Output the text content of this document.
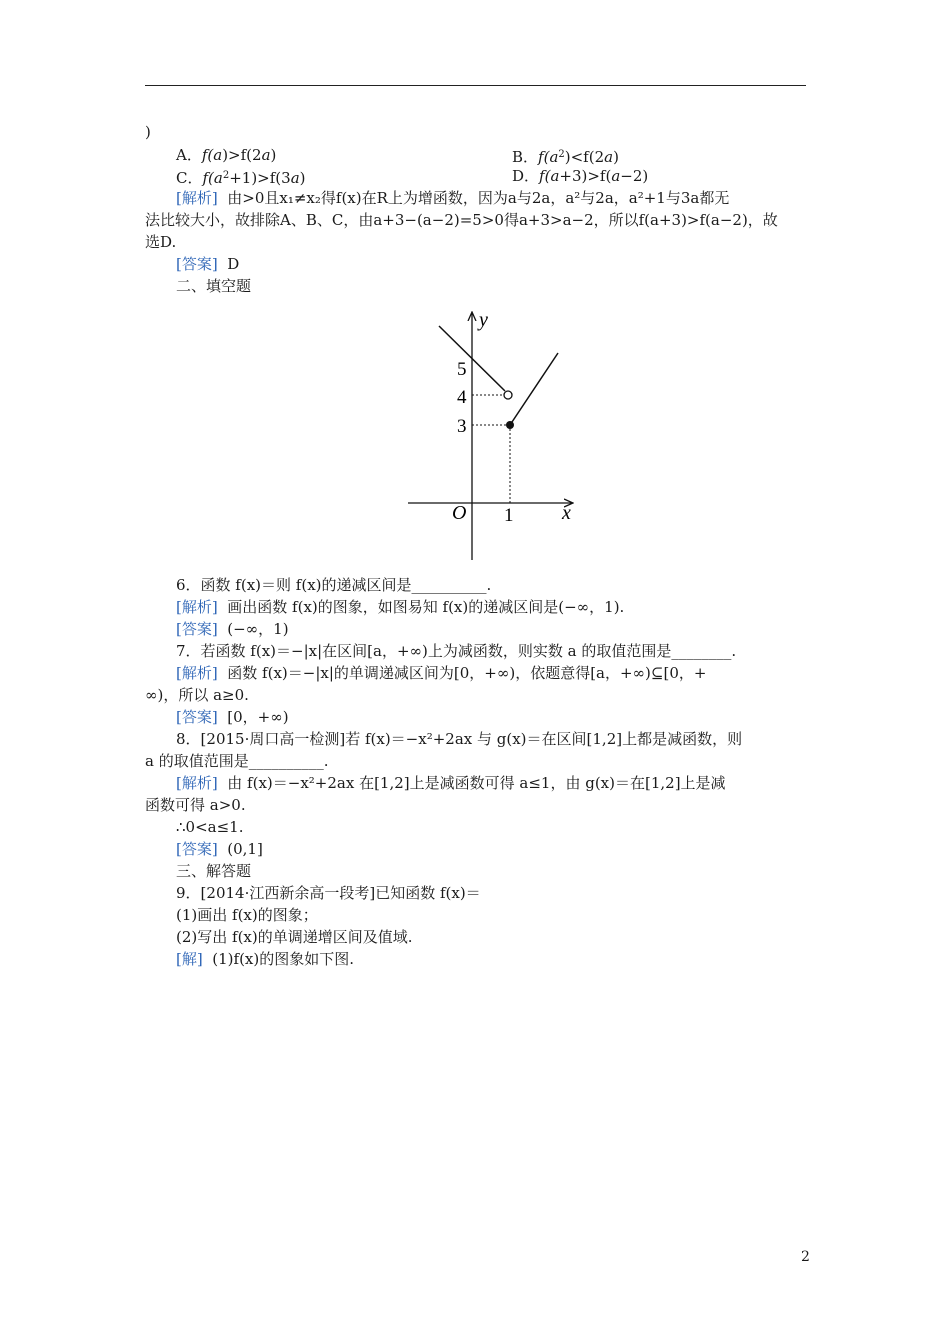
)
A．f(a)>f(2a)	B．$f(a^2)<f(2a)$
C．$f(a^2+1)>f(3a)$	D．f(a+3)>f(a−2)
[解析] 由>0且x₁≠x₂得f(x)在R上为增函数，因为a与2a，a²与2a，a²+1与3a都无
法比较大小，故排除A、B、C，由a+3−(a−2)=5>0得a+3>a−2，所以f(a+3)>f(a−2)，故
选D.
[答案] D
二、填空题
y
x
O
5
4
3
1
6．函数 f(x)＝则 f(x)的递减区间是__________.
[解析] 画出函数 f(x)的图象，如图易知 f(x)的递减区间是(−∞，1).
[答案] (−∞，1)
7．若函数 f(x)＝−|x|在区间[a，+∞)上为减函数，则实数 a 的取值范围是________.
[解析] 函数 f(x)＝−|x|的单调递减区间为[0，+∞)，依题意得[a，+∞)⊆[0，+
∞)，所以 a≥0.
[答案] [0，+∞)
8．[2015·周口高一检测]若 f(x)＝−x²+2ax 与 g(x)＝在区间[1,2]上都是减函数，则
a 的取值范围是__________.
[解析] 由 f(x)＝−x²+2ax 在[1,2]上是减函数可得 a≤1，由 g(x)＝在[1,2]上是减
函数可得 a>0.
∴0<a≤1.
[答案] (0,1]
三、解答题
9．[2014·江西新余高一段考]已知函数 f(x)＝
(1)画出 f(x)的图象；
(2)写出 f(x)的单调递增区间及值域.
[解] (1)f(x)的图象如下图.
2
